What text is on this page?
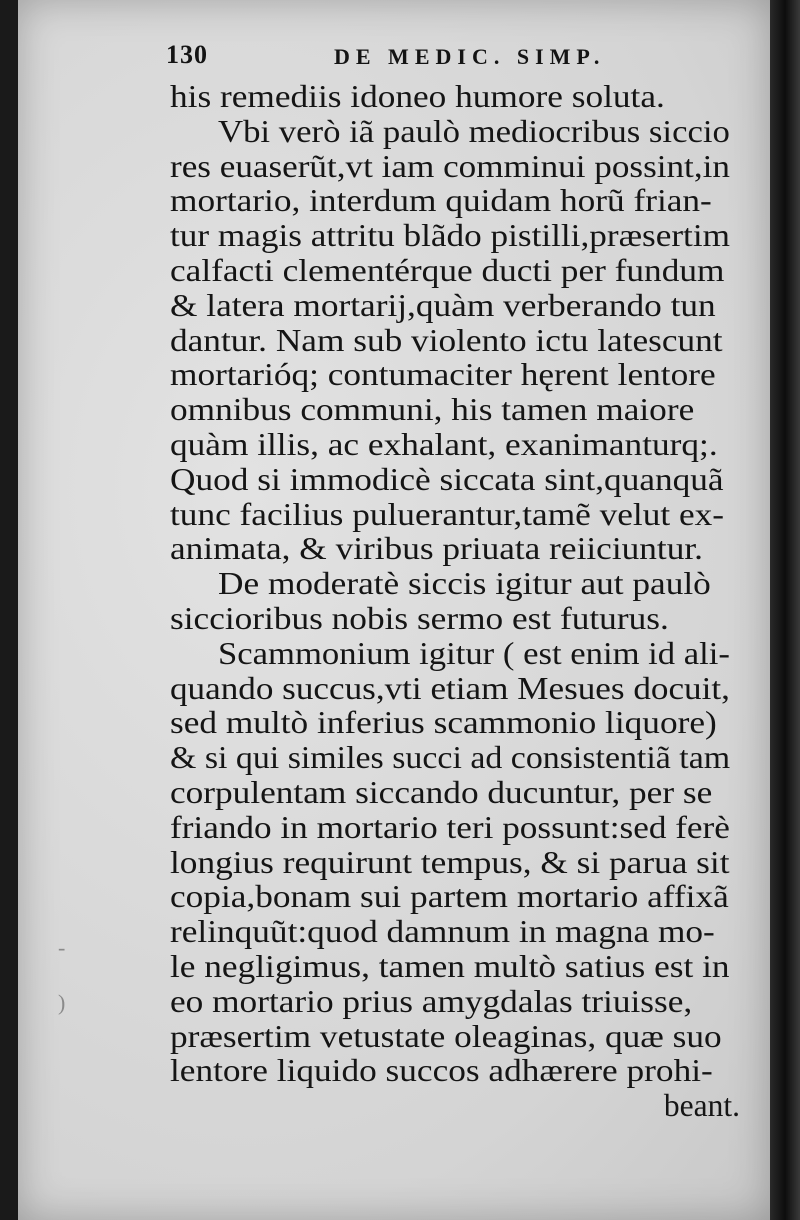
130	DE MEDIC. SIMP.
his remediis idoneo humore soluta.
Vbi verò iã paulò mediocribus siccio
res euaserũt,vt iam comminui possint,in
mortario, interdum quidam horũ frian-
tur magis attritu blãdo pistilli,præsertim
calfacti clementérque ducti per fundum
& latera mortarij,quàm verberando tun
dantur. Nam sub violento ictu latescunt
mortarióq; contumaciter hęrent lentore
omnibus communi, his tamen maiore
quàm illis, ac exhalant, exanimanturq;.
Quod si immodicè siccata sint,quanquã
tunc facilius puluerantur,tamẽ velut ex-
animata, & viribus priuata reiiciuntur.
De moderatè siccis igitur aut paulò
siccioribus nobis sermo est futurus.
Scammonium igitur ( est enim id ali-
quando succus,vti etiam Mesues docuit,
sed multò inferius scammonio liquore)
& si qui similes succi ad consistentiã tam
corpulentam siccando ducuntur, per se
friando in mortario teri possunt:sed ferè
longius requirunt tempus, & si parua sit
copia,bonam sui partem mortario affixã
relinquũt:quod damnum in magna mo-
le negligimus, tamen multò satius est in
eo mortario prius amygdalas triuisse,
præsertim vetustate oleaginas, quæ suo
lentore liquido succos adhærere prohi-
beant.
-
)
